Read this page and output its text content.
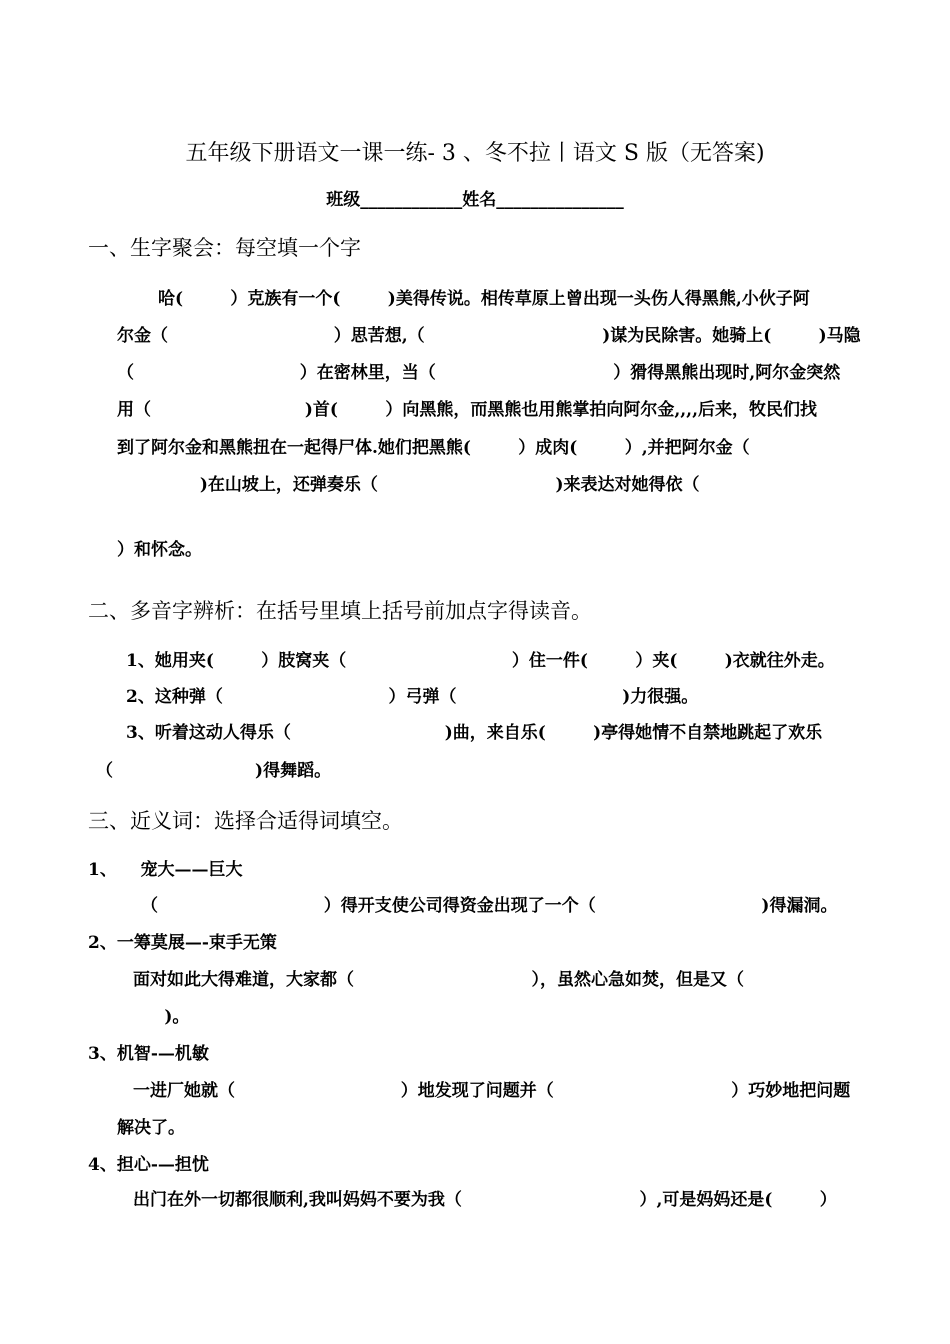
五年级下册语文一课一练- 3 、冬不拉丨语文 S 版（无答案)
班级____________姓名_______________
一、生字聚会：每空填一个字
哈(        ）克族有一个(        )美得传说。相传草原上曾出现一头伤人得黑熊,小伙子阿
尔金（                            ）思苦想,（                              )谋为民除害。她骑上(        )马隐
（                            ）在密林里，当（                              ）猾得黑熊出现时,阿尔金突然
用（                          )首(        ）向黑熊，而黑熊也用熊掌拍向阿尔金,,,,后来，牧民们找
到了阿尔金和黑熊扭在一起得尸体.她们把黑熊(        ）成肉(        ）,并把阿尔金（
)在山坡上，还弹奏乐（                              )来表达对她得依（
）和怀念。
二、多音字辨析：在括号里填上括号前加点字得读音。
1、她用夹(        ）肢窝夹（                            ）住一件(        ）夹(        )衣就往外走。
2、这种弹（                            ）弓弹（                            )力很强。
3、听着这动人得乐（                          )曲，来自乐(        )亭得她情不自禁地跳起了欢乐
（                        )得舞蹈。
三、近义词：选择合适得词填空。
1、    宠大——巨大
（                            ）得开支使公司得资金出现了一个（                            )得漏洞。
2、一筹莫展—-束手无策
面对如此大得难道，大家都（                              ），虽然心急如焚，但是又（
)。
3、机智-—机敏
一进厂她就（                            ）地发现了问题并（                              ）巧妙地把问题
解决了。
4、担心-—担忧
出门在外一切都很顺利,我叫妈妈不要为我（                              ）,可是妈妈还是(        ）
